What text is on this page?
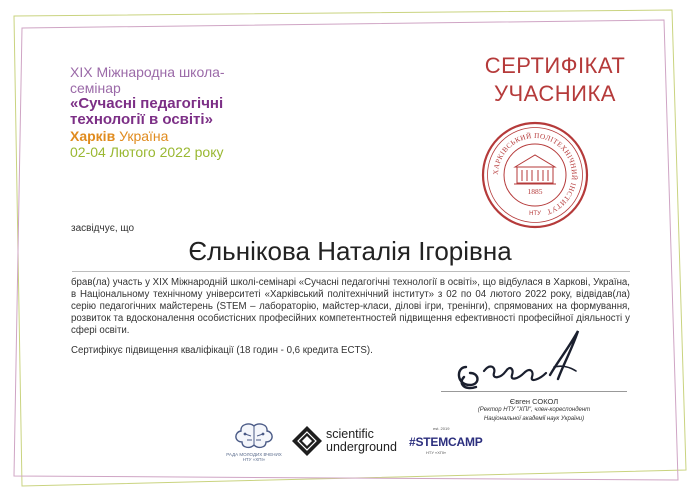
XIX Міжнародна школа-
семінар
«Сучасні педагогічні
технології в освіті»
Харків Україна
02-04 Лютого 2022 року
СЕРТИФІКАТ
УЧАСНИКА
ХАРКІВСЬКИЙ ПОЛІТЕХНІЧНИЙ ІНСТИТУТ
1885
НТУ
засвідчує, що
Єльнікова Наталія Ігорівна
брав(ла) участь у XIX Міжнародній школі-семінарі «Сучасні педагогічні технології в освіті», що відбулася в Харкові, Україна, в Національному технічному університеті «Харківський політехнічний інститут» з 02 по 04 лютого 2022 року, відвідав(ла) серію педагогічних майстерень (STEM – лабораторію, майстер-класи, ділові ігри, тренінги), спрямованих на формування, розвиток та вдосконалення особистісних професійних компетентностей підвищення ефективності професійної діяльності у сфері освіти.
Сертифікує підвищення кваліфікації (18 годин - 0,6 кредита ECTS).
Євген СОКОЛ
(Ректор НТУ "ХПІ", член-кореспондент
Національної академії наук України)
РАДА МОЛОДИХ ВЧЕНИХ
НТУ «ХПІ»
scientific
underground
est. 2019
#STEMCAMP
НТУ «ХПІ»
